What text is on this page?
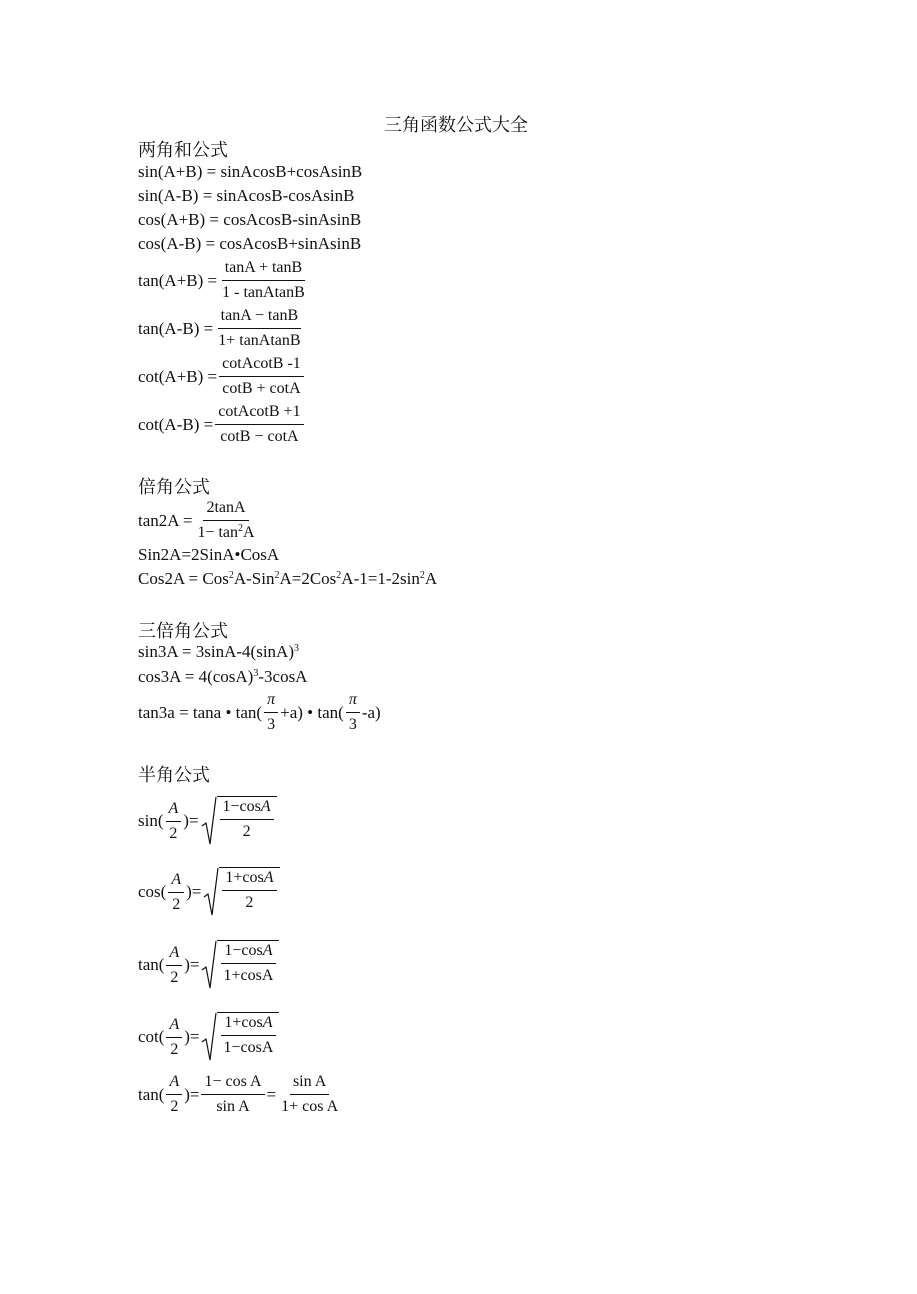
三角函数公式大全
两角和公式
sin(A+B) = sinAcosB+cosAsinB
sin(A-B) = sinAcosB-cosAsinB
cos(A+B) = cosAcosB-sinAsinB
cos(A-B) = cosAcosB+sinAsinB
$\tan(A+B) = \frac{\tan A + \tan B}{\text{1 - tanAtanB}}$
$\tan(A-B) = \frac{\tan A - \tan B}{\text{1+ tanAtanB}}$
$\cot(A+B) = \frac{\text{cotAcotB -1}}{\cot B + \cot A}$
$\cot(A-B) = \frac{\text{cotAcotB +1}}{\cot B - \cot A}$
倍角公式
$\tan 2A = \frac{2\tan A}{1- \tan^2A}$
Sin2A=2SinA•CosA
$Cos2A = Cos^2A-Sin^2A=2Cos^2A-1=1-2\sin^2A$
三倍角公式
$\sin 3A = 3\sin A-4(\sin A)^3$
$\cos 3A = 4(\cos A)^3-3\cos A$
tan3a = tana • $\tan( \frac{\pi}{3} +a)$ • $\tan( \frac{\pi}{3} -a)$
半角公式
$\sin( \frac{A}{2}$ )= $\frac{1-\cos A}{2}$
$\cos( \frac{A}{2}$ )= $\frac{1+\cos A}{2}$
$\tan( \frac{A}{2}$ )= $\frac{1-\cos A}{1+\cos A}$
$\cot( \frac{A}{2}$ )= $\frac{1+\cos A}{1-\cos A}$
$\tan( \frac{A}{2}$ )= $\frac{\text{1− cos A}}{\text{sin A}} = \frac{\text{sin A}}{\text{1+ cos A}}$
